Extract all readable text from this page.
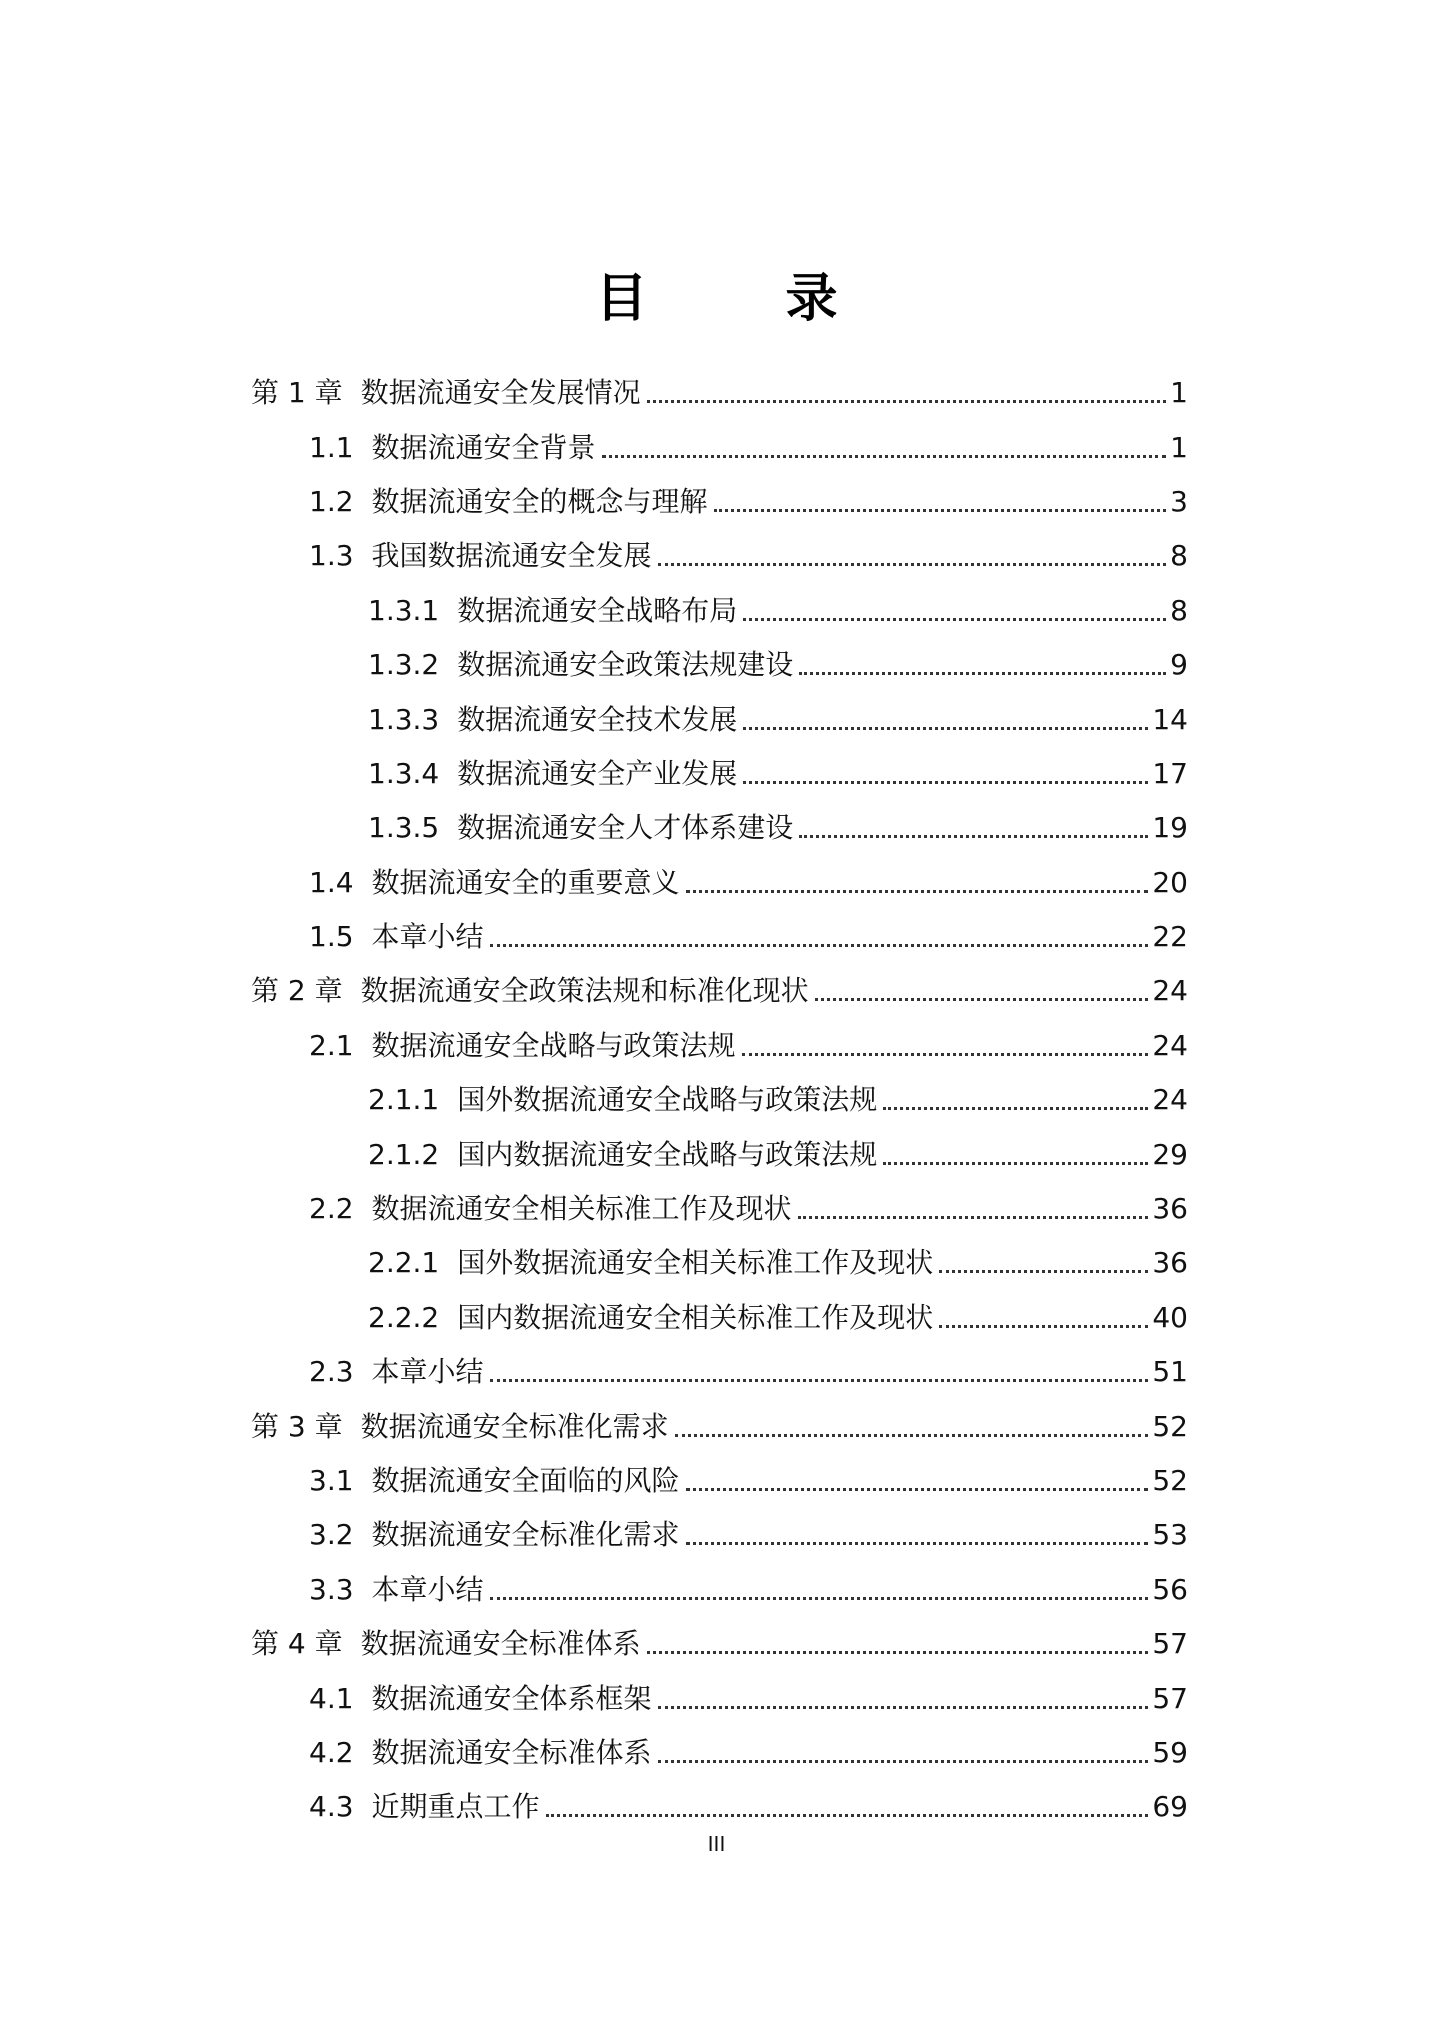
目 录
第 1 章 数据流通安全发展情况	1
1.1 数据流通安全背景	1
1.2 数据流通安全的概念与理解	3
1.3 我国数据流通安全发展	8
1.3.1 数据流通安全战略布局	8
1.3.2 数据流通安全政策法规建设	9
1.3.3 数据流通安全技术发展	14
1.3.4 数据流通安全产业发展	17
1.3.5 数据流通安全人才体系建设	19
1.4 数据流通安全的重要意义	20
1.5 本章小结	22
第 2 章 数据流通安全政策法规和标准化现状	24
2.1 数据流通安全战略与政策法规	24
2.1.1 国外数据流通安全战略与政策法规	24
2.1.2 国内数据流通安全战略与政策法规	29
2.2 数据流通安全相关标准工作及现状	36
2.2.1 国外数据流通安全相关标准工作及现状	36
2.2.2 国内数据流通安全相关标准工作及现状	40
2.3 本章小结	51
第 3 章 数据流通安全标准化需求	52
3.1 数据流通安全面临的风险	52
3.2 数据流通安全标准化需求	53
3.3 本章小结	56
第 4 章 数据流通安全标准体系	57
4.1 数据流通安全体系框架	57
4.2 数据流通安全标准体系	59
4.3 近期重点工作	69
III
